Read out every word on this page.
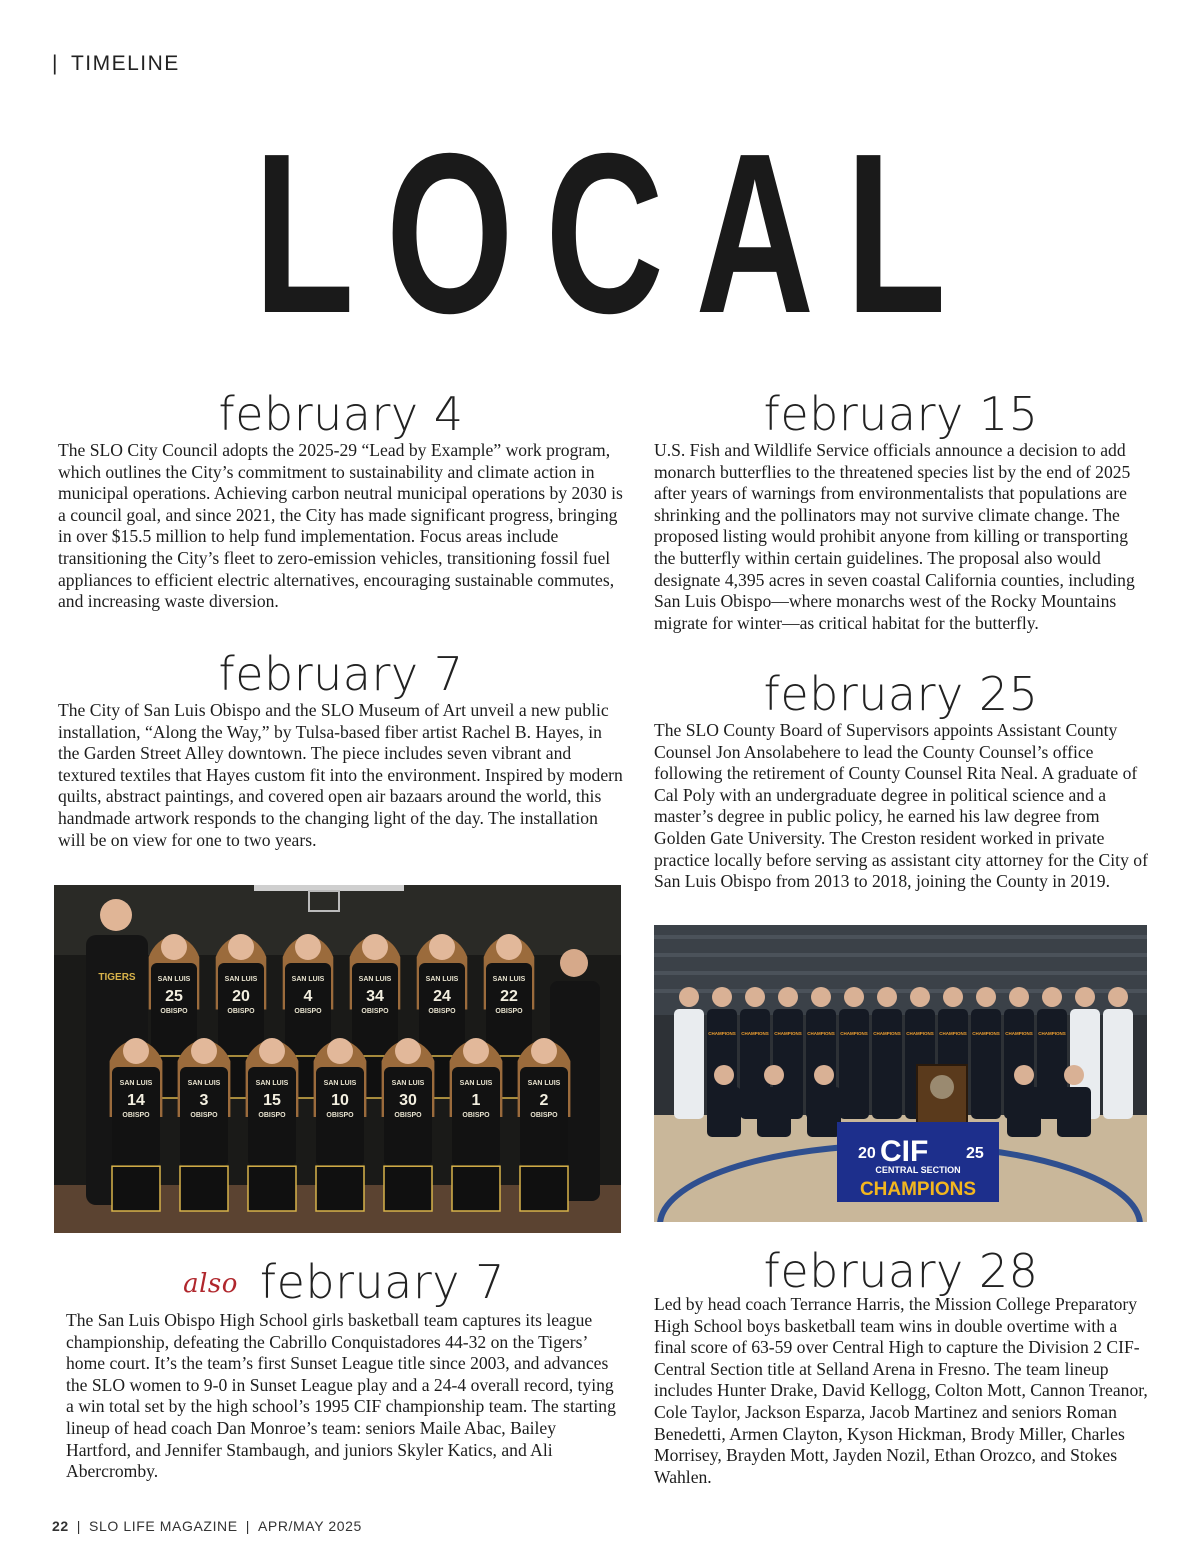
| TIMELINE
LOCAL
february 4

The SLO City Council adopts the 2025-29 “Lead by Example” work program, which outlines the City’s commitment to sustainability and climate action in municipal operations. Achieving carbon neutral municipal operations by 2030 is a council goal, and since 2021, the City has made significant progress, bringing in over $15.5 million to help fund implementation. Focus areas include transitioning the City’s fleet to zero-emission vehicles, transitioning fossil fuel appliances to efficient electric alternatives, encouraging sustainable commutes, and increasing waste diversion.

february 7

The City of San Luis Obispo and the SLO Museum of Art unveil a new public installation, “Along the Way,” by Tulsa-based fiber artist Rachel B. Hayes, in the Garden Street Alley downtown. The piece includes seven vibrant and textured textiles that Hayes custom fit into the environment. Inspired by modern quilts, abstract paintings, and covered open air bazaars around the world, this handmade artwork responds to the changing light of the day. The installation will be on view for one to two years.

TIGERS	SAN LUIS
25
OBISPO
SAN LUIS
20
OBISPO
SAN LUIS
4
OBISPO
SAN LUIS
34
OBISPO
SAN LUIS
24
OBISPO
SAN LUIS
22
OBISPO
SAN LUIS
14
OBISPO
SAN LUIS
3
OBISPO
SAN LUIS
15
OBISPO
SAN LUIS
10
OBISPO
SAN LUIS
30
OBISPO
SAN LUIS
1
OBISPO
SAN LUIS
2
OBISPO
also february 7

The San Luis Obispo High School girls basketball team captures its league championship, defeating the Cabrillo Conquistadores 44-32 on the Tigers’ home court. It’s the team’s first Sunset League title since 2003, and advances the SLO women to 9-0 in Sunset League play and a 24-4 overall record, tying a win total set by the high school’s 1995 CIF championship team. The starting lineup of head coach Dan Monroe’s team: seniors Maile Abac, Bailey Hartford, and Jennifer Stambaugh, and juniors Skyler Katics, and Ali Abercromby.

february 15

U.S. Fish and Wildlife Service officials announce a decision to add monarch butterflies to the threatened species list by the end of 2025 after years of warnings from environmentalists that populations are shrinking and the pollinators may not survive climate change. The proposed listing would prohibit anyone from killing or transporting the butterfly within certain guidelines. The proposal also would designate 4,395 acres in seven coastal California counties, including San Luis Obispo—where monarchs west of the Rocky Mountains migrate for winter—as critical habitat for the butterfly.

february 25

The SLO County Board of Supervisors appoints Assistant County Counsel Jon Ansolabehere to lead the County Counsel’s office following the retirement of County Counsel Rita Neal. A graduate of Cal Poly with an undergraduate degree in political science and a master’s degree in public policy, he earned his law degree from Golden Gate University. The Creston resident worked in private practice locally before serving as assistant city attorney for the City of San Luis Obispo from 2013 to 2018, joining the County in 2019.

CHAMPIONS CHAMPIONS CHAMPIONS CHAMPIONS CHAMPIONS CHAMPIONS CHAMPIONS CHAMPIONS CHAMPIONS CHAMPIONS CHAMPIONS
20 CIF 25
CENTRAL SECTION
CHAMPIONS
february 28

Led by head coach Terrance Harris, the Mission College Preparatory High School boys basketball team wins in double overtime with a final score of 63-59 over Central High to capture the Division 2 CIF-Central Section title at Selland Arena in Fresno. The team lineup includes Hunter Drake, David Kellogg, Colton Mott, Cannon Treanor, Cole Taylor, Jackson Esparza, Jacob Martinez and seniors Roman Benedetti, Armen Clayton, Kyson Hickman, Brody Miller, Charles Morrisey, Brayden Mott, Jayden Nozil, Ethan Orozco, and Stokes Wahlen.

22 | SLO LIFE MAGAZINE | APR/MAY 2025
